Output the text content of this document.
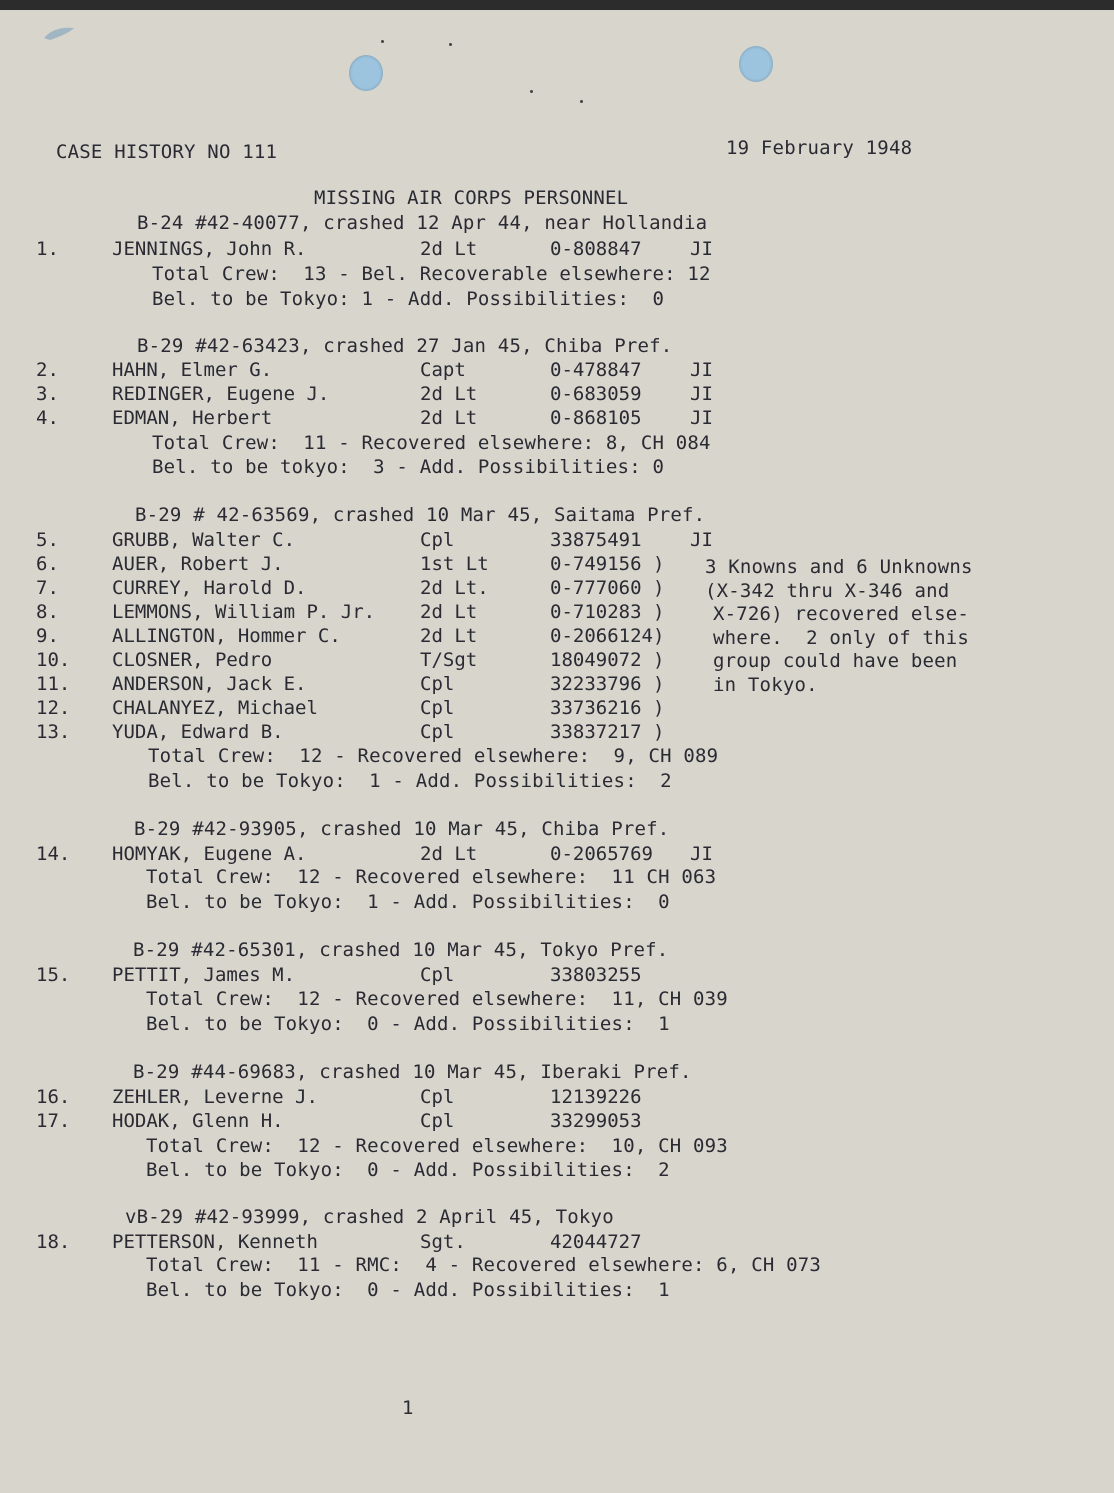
CASE HISTORY NO 111	19 February 1948
MISSING AIR CORPS PERSONNEL
B-24 #42-40077, crashed 12 Apr 44, near Hollandia
1.	JENNINGS, John R.	2d Lt	0-808847	JI
Total Crew:  13 - Bel. Recoverable elsewhere: 12
Bel. to be Tokyo: 1 - Add. Possibilities:  0
B-29 #42-63423, crashed 27 Jan 45, Chiba Pref.
2.	HAHN, Elmer G.	Capt	0-478847	JI
3.	REDINGER, Eugene J.	2d Lt	0-683059	JI
4.	EDMAN, Herbert	2d Lt	0-868105	JI
Total Crew:  11 - Recovered elsewhere: 8, CH 084
Bel. to be tokyo:  3 - Add. Possibilities: 0
B-29 # 42-63569, crashed 10 Mar 45, Saitama Pref.
5.	GRUBB, Walter C.	Cpl	33875491	JI
6.	AUER, Robert J.	1st Lt	0-749156 )
7.	CURREY, Harold D.	2d Lt.	0-777060 )
8.	LEMMONS, William P. Jr. 2d Lt	0-710283 )
9.	ALLINGTON, Hommer C.	2d Lt	0-2066124)
10. CLOSNER, Pedro	T/Sgt	18049072 )
11. ANDERSON, Jack E.	Cpl	32233796 )
12. CHALANYEZ, Michael	Cpl	33736216 )
13. YUDA, Edward B.	Cpl	33837217 )
3 Knowns and 6 Unknowns
(X-342 thru X-346 and
X-726) recovered else-
where.  2 only of this
group could have been
in Tokyo.
Total Crew:  12 - Recovered elsewhere:  9, CH 089
Bel. to be Tokyo:  1 - Add. Possibilities:  2
B-29 #42-93905, crashed 10 Mar 45, Chiba Pref.
14. HOMYAK, Eugene A.	2d Lt	0-2065769 JI
Total Crew:  12 - Recovered elsewhere:  11 CH 063
Bel. to be Tokyo:  1 - Add. Possibilities:  0
B-29 #42-65301, crashed 10 Mar 45, Tokyo Pref.
15. PETTIT, James M.	Cpl	33803255
Total Crew:  12 - Recovered elsewhere:  11, CH 039
Bel. to be Tokyo:  0 - Add. Possibilities:  1
B-29 #44-69683, crashed 10 Mar 45, Iberaki Pref.
16. ZEHLER, Leverne J.	Cpl	12139226
17. HODAK, Glenn H.	Cpl	33299053
Total Crew:  12 - Recovered elsewhere:  10, CH 093
Bel. to be Tokyo:  0 - Add. Possibilities:  2
vB-29 #42-93999, crashed 2 April 45, Tokyo
18. PETTERSON, Kenneth	Sgt.	42044727
Total Crew:  11 - RMC:  4 - Recovered elsewhere: 6, CH 073
Bel. to be Tokyo:  0 - Add. Possibilities:  1
1
